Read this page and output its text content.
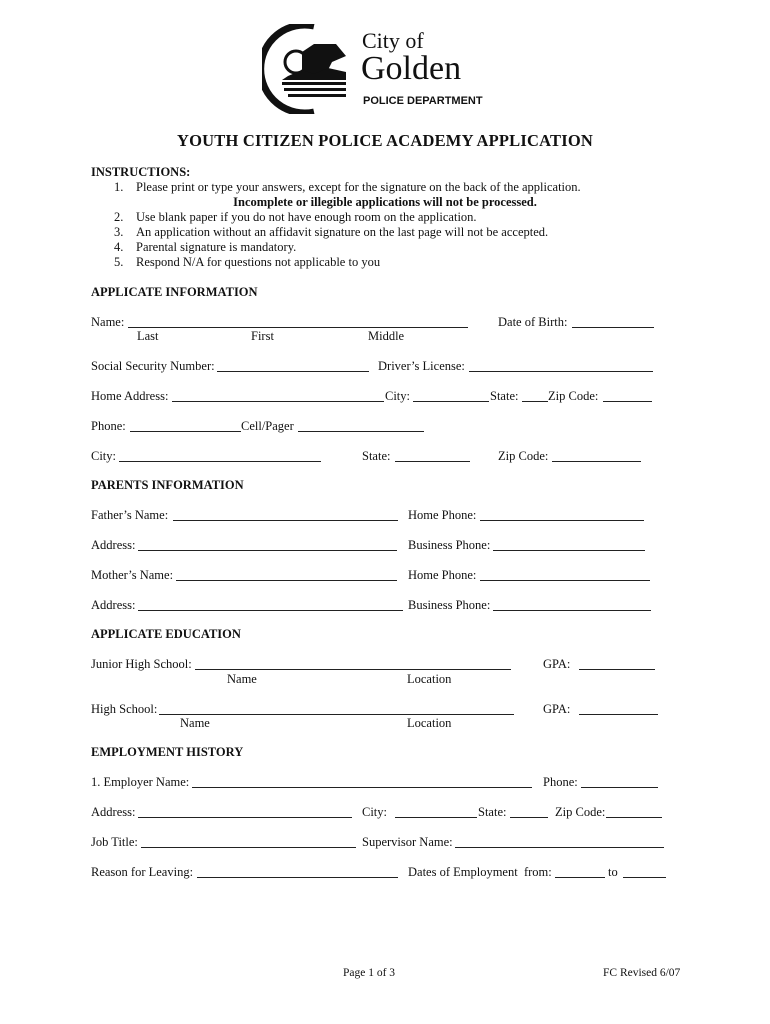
City of
Golden
POLICE DEPARTMENT
YOUTH CITIZEN POLICE ACADEMY APPLICATION
INSTRUCTIONS:
1. Please print or type your answers, except for the signature on the back of the application.
Incomplete or illegible applications will not be processed.
2. Use blank paper if you do not have enough room on the application.
3. An application without an affidavit signature on the last page will not be accepted.
4. Parental signature is mandatory.
5. Respond N/A for questions not applicable to you
APPLICATE INFORMATION
Name:	Date of Birth:
Last	First	Middle
Social Security Number:	Driver’s License:
Home Address:	City:	State: Zip Code:
Phone:	Cell/Pager
City:	State:	Zip Code:
PARENTS INFORMATION
Father’s Name:	Home Phone:
Address:	Business Phone:
Mother’s Name:	Home Phone:
Address:	Business Phone:
APPLICATE EDUCATION
Junior High School:	GPA:
Name	Location
High School:	GPA:
Name	Location
EMPLOYMENT HISTORY
1. Employer Name:	Phone:
Address:	City:	State:	Zip Code:
Job Title:	Supervisor Name:
Reason for Leaving:	Dates of Employment  from:	to
Page 1 of 3	FC Revised 6/07
